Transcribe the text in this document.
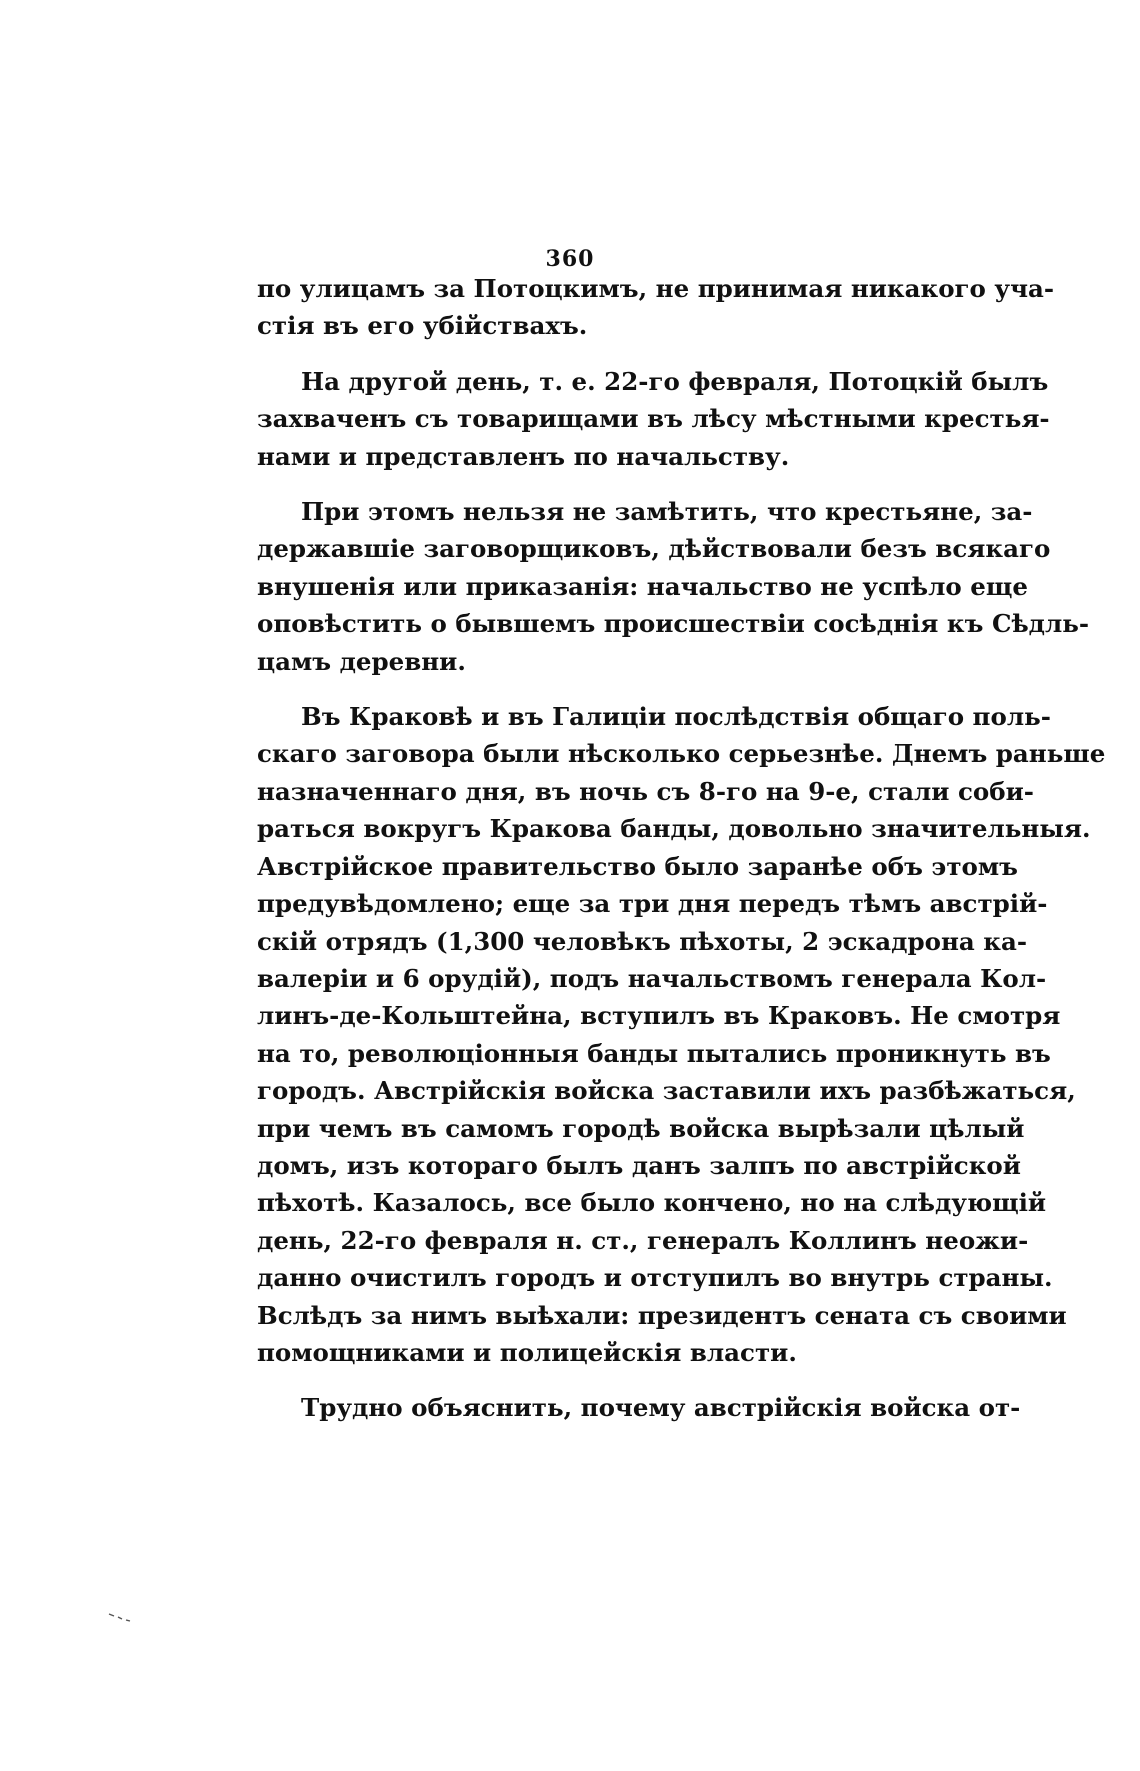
360
по улицамъ за Потоцкимъ, не принимая никакого уча-
стія въ его убійствахъ.
На другой день, т. е. 22-го февраля, Потоцкій былъ
захваченъ съ товарищами въ лѣсу мѣстными крестья-
нами и представленъ по начальству.
При этомъ нельзя не замѣтить, что крестьяне, за-
державшіе заговорщиковъ, дѣйствовали безъ всякаго
внушенія или приказанія: начальство не успѣло еще
оповѣстить о бывшемъ происшествіи сосѣднія къ Сѣдль-
цамъ деревни.
Въ Краковѣ и въ Галиціи послѣдствія общаго поль-
скаго заговора были нѣсколько серьезнѣе. Днемъ раньше
назначеннаго дня, въ ночь съ 8-го на 9-е, стали соби-
раться вокругъ Кракова банды, довольно значительныя.
Австрійское правительство было заранѣе объ этомъ
предувѣдомлено; еще за три дня передъ тѣмъ австрій-
скій отрядъ (1,300 человѣкъ пѣхоты, 2 эскадрона ка-
валеріи и 6 орудій), подъ начальствомъ генерала Кол-
линъ-де-Кольштейна, вступилъ въ Краковъ. Не смотря
на то, революціонныя банды пытались проникнуть въ
городъ. Австрійскія войска заставили ихъ разбѣжаться,
при чемъ въ самомъ городѣ войска вырѣзали цѣлый
домъ, изъ котораго былъ данъ залпъ по австрійской
пѣхотѣ. Казалось, все было кончено, но на слѣдующій
день, 22-го февраля н. ст., генералъ Коллинъ неожи-
данно очистилъ городъ и отступилъ во внутрь страны.
Вслѣдъ за нимъ выѣхали: президентъ сената съ своими
помощниками и полицейскія власти.
Трудно объяснить, почему австрійскія войска от-
